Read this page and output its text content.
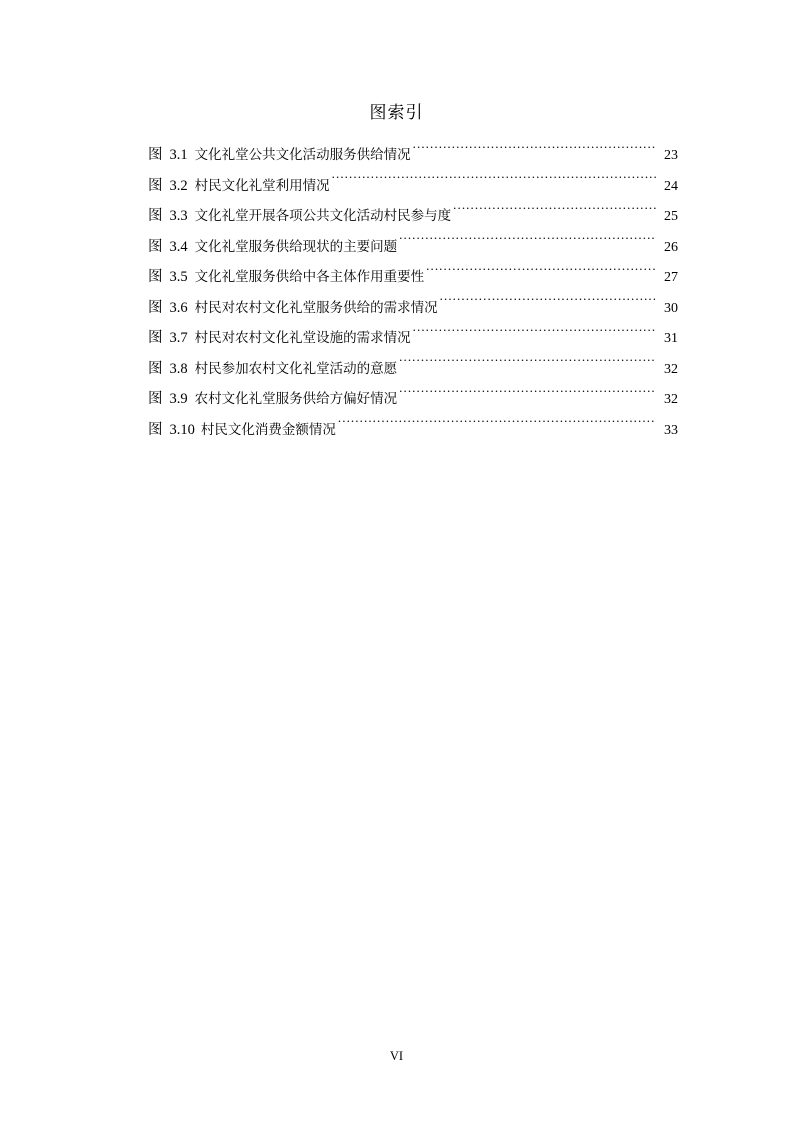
图索引
图 3.1 文化礼堂公共文化活动服务供给情况 .....	23
图 3.2 村民文化礼堂利用情况 .....	24
图 3.3 文化礼堂开展各项公共文化活动村民参与度 .....	25
图 3.4 文化礼堂服务供给现状的主要问题 .....	26
图 3.5 文化礼堂服务供给中各主体作用重要性 .....	27
图 3.6 村民对农村文化礼堂服务供给的需求情况 .....	30
图 3.7 村民对农村文化礼堂设施的需求情况 .....	31
图 3.8 村民参加农村文化礼堂活动的意愿 .....	32
图 3.9 农村文化礼堂服务供给方偏好情况 .....	32
图 3.10 村民文化消费金额情况 .....	33
VI
